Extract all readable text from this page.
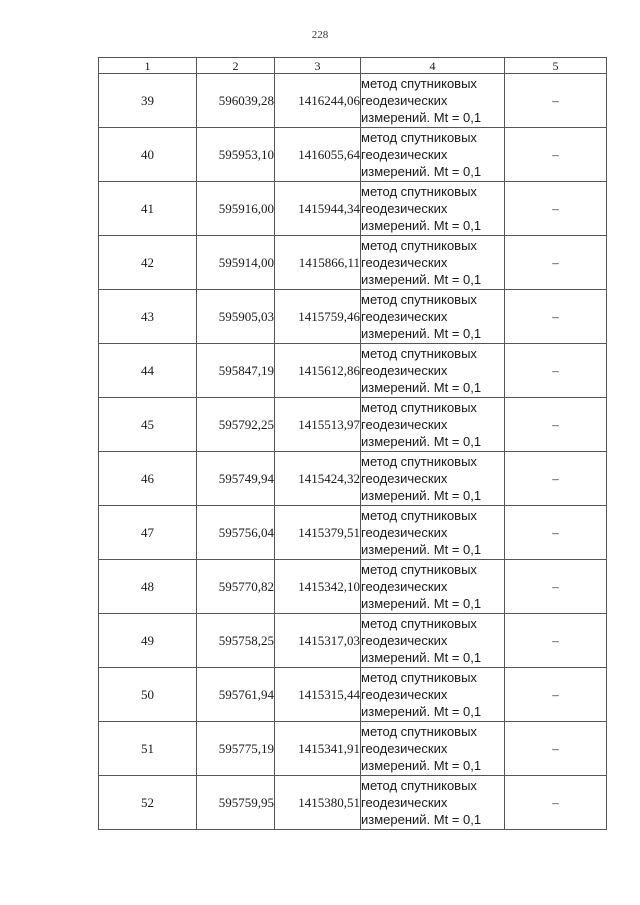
228
1	2	3	4	5
39	596039,28	1416244,06	метод спутниковых
геодезических
измерений. Mt = 0,1	–
40	595953,10	1416055,64	метод спутниковых
геодезических
измерений. Mt = 0,1	–
41	595916,00	1415944,34	метод спутниковых
геодезических
измерений. Mt = 0,1	–
42	595914,00	1415866,11	метод спутниковых
геодезических
измерений. Mt = 0,1	–
43	595905,03	1415759,46	метод спутниковых
геодезических
измерений. Mt = 0,1	–
44	595847,19	1415612,86	метод спутниковых
геодезических
измерений. Mt = 0,1	–
45	595792,25	1415513,97	метод спутниковых
геодезических
измерений. Mt = 0,1	–
46	595749,94	1415424,32	метод спутниковых
геодезических
измерений. Mt = 0,1	–
47	595756,04	1415379,51	метод спутниковых
геодезических
измерений. Mt = 0,1	–
48	595770,82	1415342,10	метод спутниковых
геодезических
измерений. Mt = 0,1	–
49	595758,25	1415317,03	метод спутниковых
геодезических
измерений. Mt = 0,1	–
50	595761,94	1415315,44	метод спутниковых
геодезических
измерений. Mt = 0,1	–
51	595775,19	1415341,91	метод спутниковых
геодезических
измерений. Mt = 0,1	–
52	595759,95	1415380,51	метод спутниковых
геодезических
измерений. Mt = 0,1	–
